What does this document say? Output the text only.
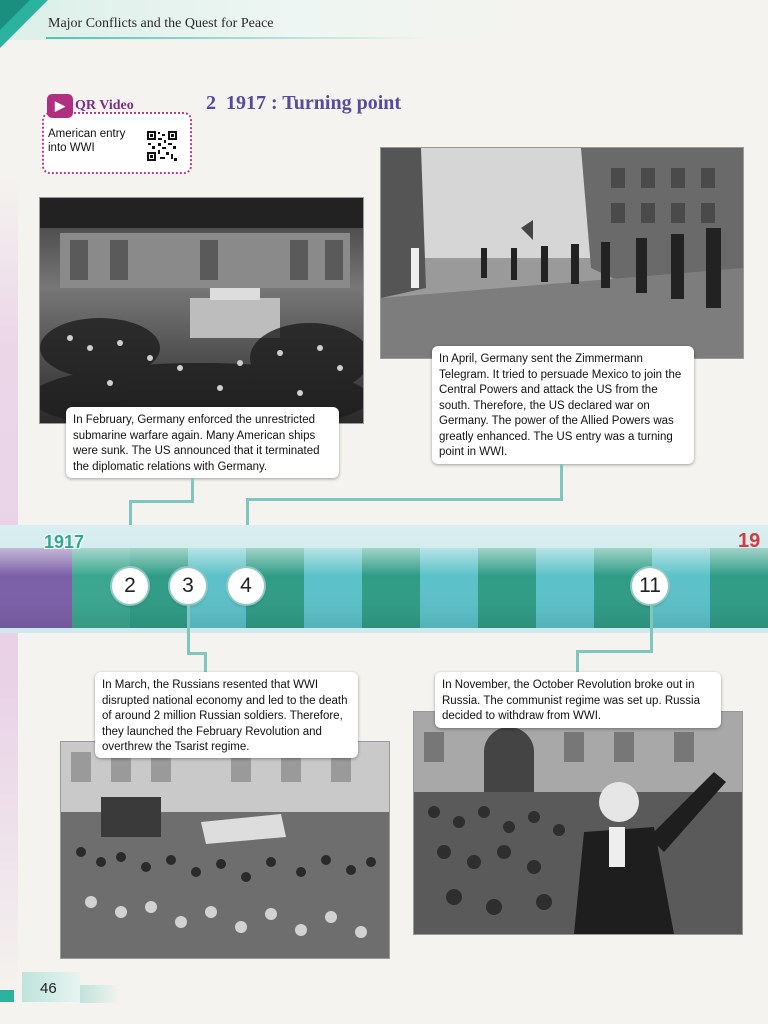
Major Conflicts and the Quest for Peace
▶ QR Video
American entry into WWI
2 1917 : Turning point
In February, Germany enforced the unrestricted submarine warfare again. Many American ships were sunk. The US announced that it terminated the diplomatic relations with Germany.
In April, Germany sent the Zimmermann Telegram. It tried to persuade Mexico to join the Central Powers and attack the US from the south. Therefore, the US declared war on Germany. The power of the Allied Powers was greatly enhanced. The US entry was a turning point in WWI.
1917	19
2	3	4	11
In March, the Russians resented that WWI disrupted national economy and led to the death of around 2 million Russian soldiers. Therefore, they launched the February Revolution and overthrew the Tsarist regime.
In November, the October Revolution broke out in Russia. The communist regime was set up. Russia decided to withdraw from WWI.
46
